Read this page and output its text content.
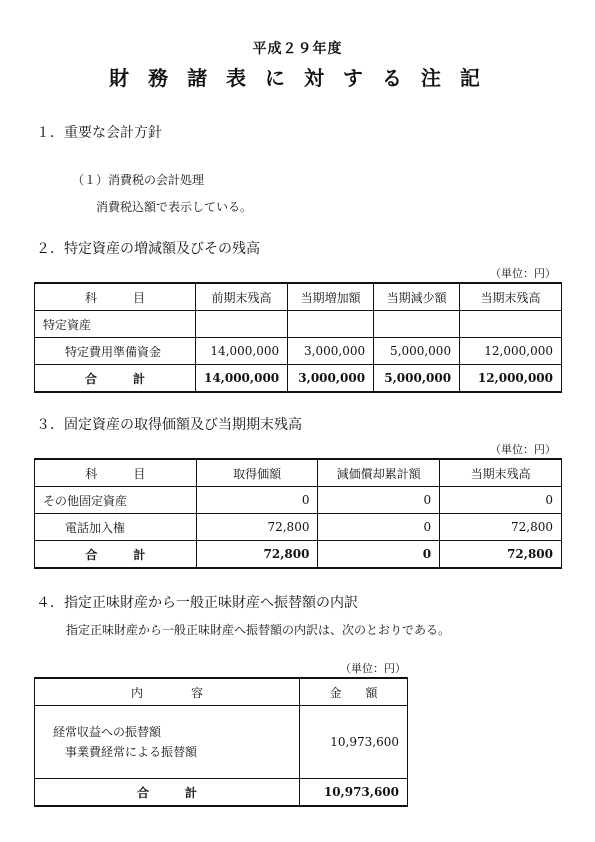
平成２９年度
財 務 諸 表 に 対 す る 注 記
１．重要な会計方針
（１）消費税の会計処理
消費税込額で表示している。
２．特定資産の増減額及びその残高
（単位：円）
科　　　目	前期末残高	当期増加額	当期減少額	当期末残高
特定資産				
特定費用準備資金	14,000,000	3,000,000	5,000,000	12,000,000
合　　　計	14,000,000	3,000,000	5,000,000	12,000,000
３．固定資産の取得価額及び当期期末残高
（単位：円）
科　　　目	取得価額	減価償却累計額	当期末残高
その他固定資産	0	0	0
電話加入権	72,800	0	72,800
合　　　計	72,800	0	72,800
４．指定正味財産から一般正味財産へ振替額の内訳
指定正味財産から一般正味財産へ振替額の内訳は、次のとおりである。
（単位：円）
内　　　　容	金　　額

経常収益への振替額
事業費経常による振替額	10,973,600
合　　　計	10,973,600
